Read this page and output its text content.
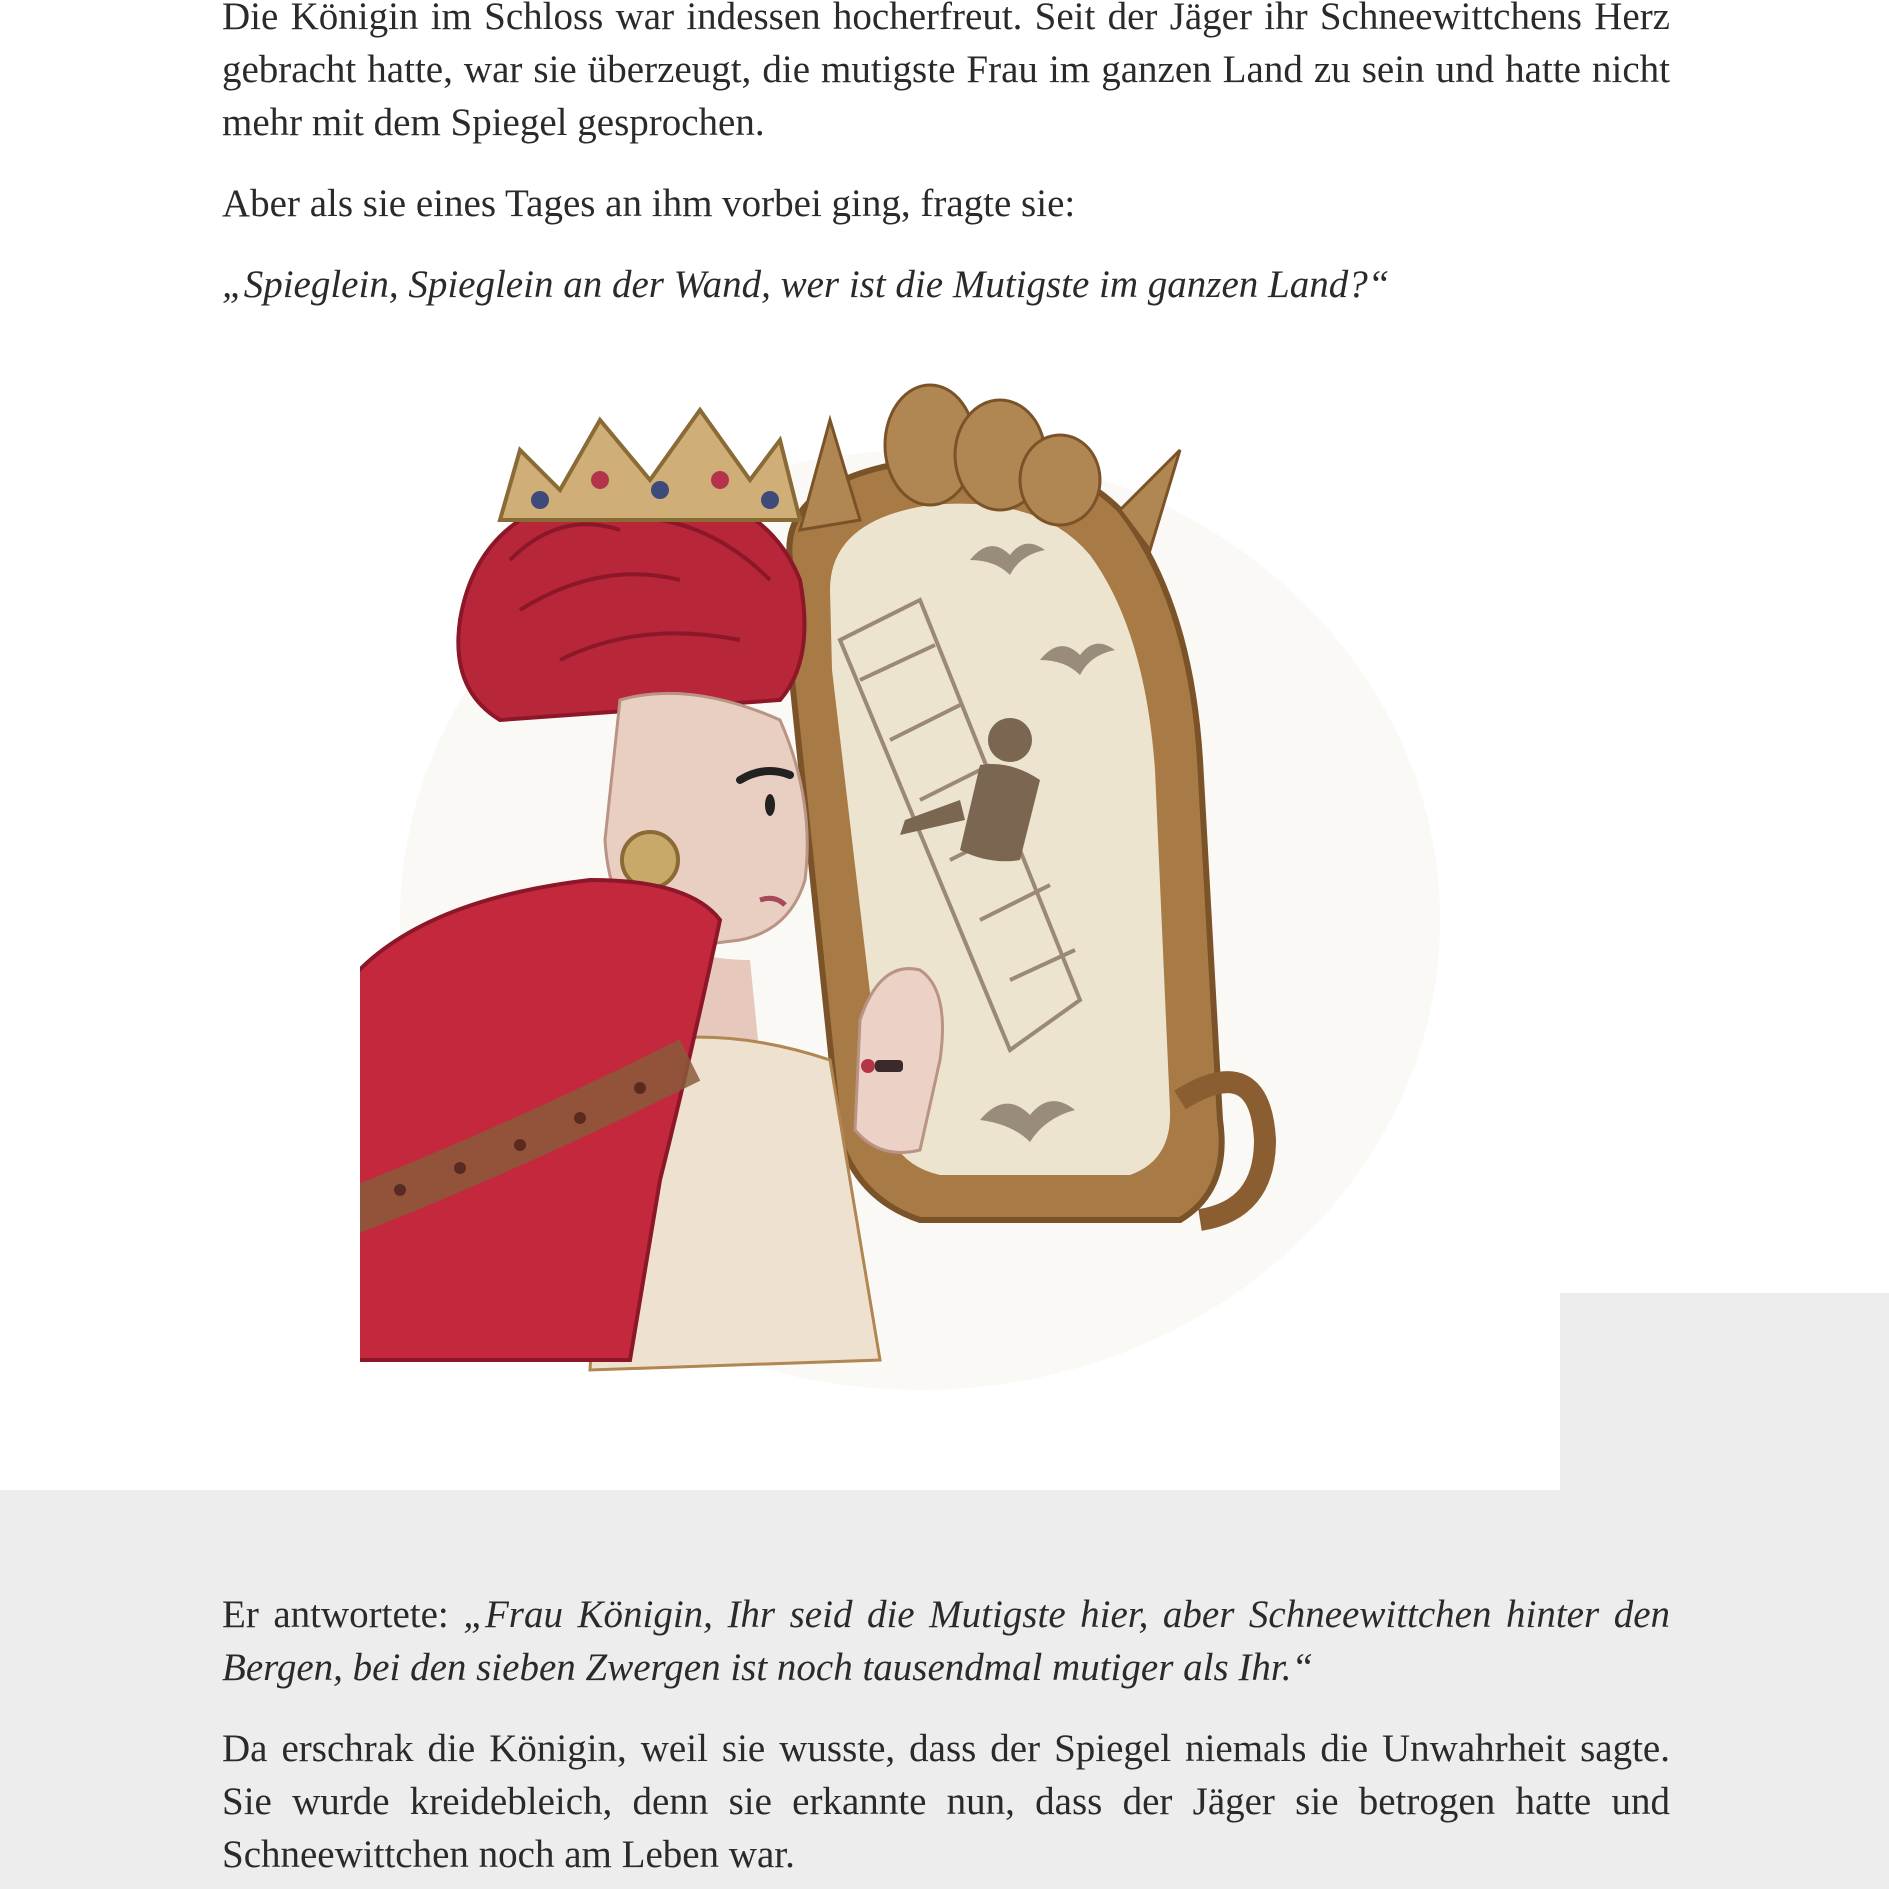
Die Königin im Schloss war indessen hocherfreut. Seit der Jäger ihr Schneewittchens Herz gebracht hatte, war sie überzeugt, die mutigste Frau im ganzen Land zu sein und hatte nicht mehr mit dem Spiegel gesprochen.

Aber als sie eines Tages an ihm vorbei ging, fragte sie:

„Spieglein, Spieglein an der Wand, wer ist die Mutigste im ganzen Land?“

Er antwortete: „Frau Königin, Ihr seid die Mutigste hier, aber Schneewittchen hinter den Bergen, bei den sieben Zwergen ist noch tausendmal mutiger als Ihr.“

Da erschrak die Königin, weil sie wusste, dass der Spiegel niemals die Unwahrheit sagte. Sie wurde kreidebleich, denn sie erkannte nun, dass der Jäger sie betrogen hatte und Schneewittchen noch am Leben war.
